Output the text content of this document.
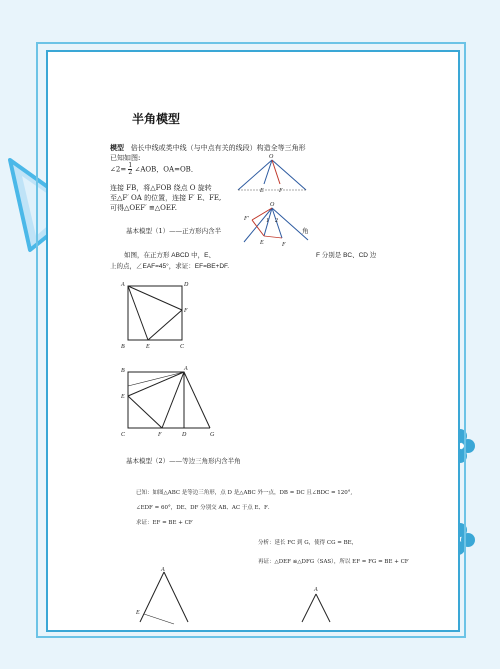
半角模型
模型 倍长中线或类中线（与中点有关的线段）构造全等三角形
已知如图:
∠2= $\frac{1}{2}$ ∠AOB，OA=OB．
连接 FB，将△FOB 绕点 O 旋转
至△F′ OA 的位置，连接 F′ E、FE,
可得△OEF′ ≌△OEF.
O
E	F
O
F′
E	F
1 2
基本模型（1）——正方形内含半	角
如图，在正方形 ABCD 中，E、	F 分别是 BC、CD 边
上的点，∠EAF=45°，求证：EF=BE+DF.
A	D
F
B	E	C
B	A
E
C	F	D	G
基本模型（2）——等边三角形内含半角
已知：如图△ABC 是等边三角形，点 D 是△ABC 外一点，DB = DC 且∠BDC = 120°,
∠EDF = 60°，DE、DF 分别交 AB、AC 于点 E、F．
求证：EF = BE + CF
分析：延长 FC 到 G，使得 CG = BE，
再证：△DEF ≌△DFG（SAS），所以 EF = FG = BE + CF
A
E
A
